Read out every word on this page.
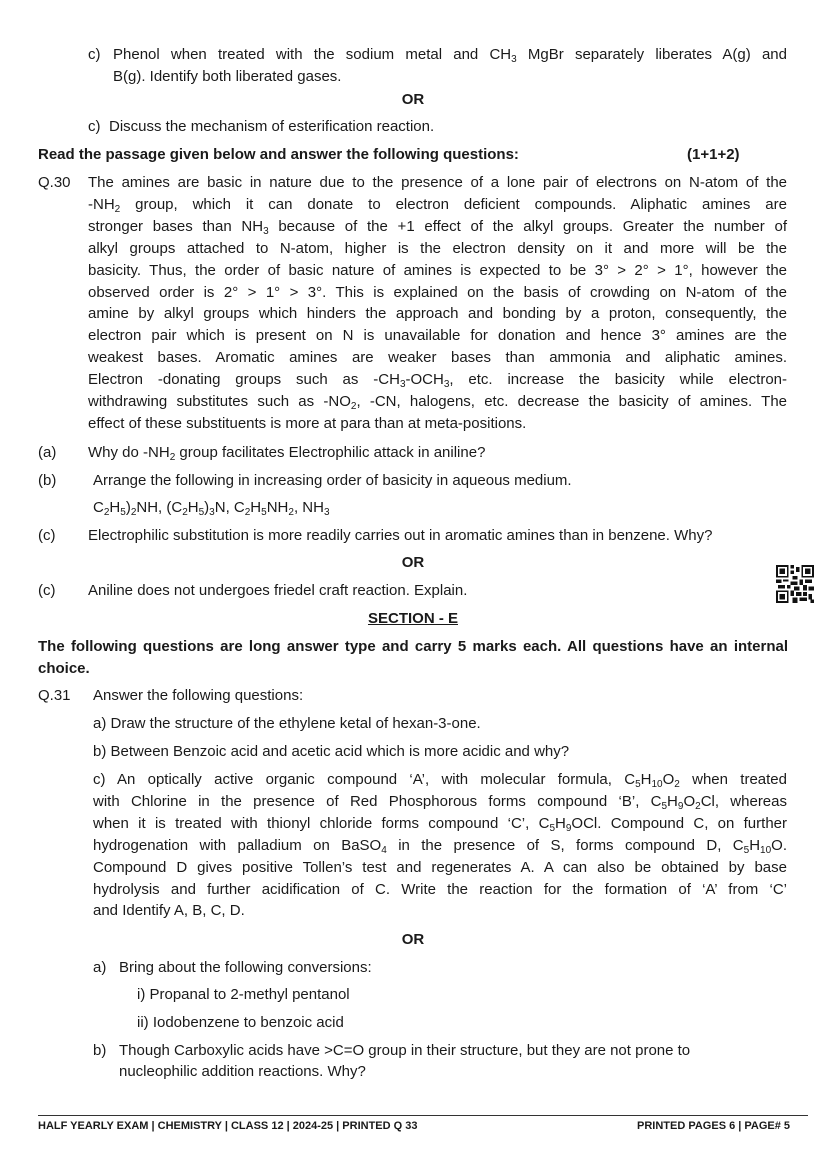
c) Phenol when treated with the sodium metal and $CH_3$ MgBr separately liberates A(g) and
B(g). Identify both liberated gases.
OR
c) Discuss the mechanism of esterification reaction.
Read the passage given below and answer the following questions:	(1+1+2)
Q.30 The amines are basic in nature due to the presence of a lone pair of electrons on N-atom of the
$-NH_2$ group, which it can donate to electron deficient compounds. Aliphatic amines are
stronger bases than $NH_3$ because of the +1 effect of the alkyl groups. Greater the number of
alkyl groups attached to N-atom, higher is the electron density on it and more will be the
basicity. Thus, the order of basic nature of amines is expected to be 3° > 2° > 1°, however the
observed order is 2° > 1° > 3°. This is explained on the basis of crowding on N-atom of the
amine by alkyl groups which hinders the approach and bonding by a proton, consequently, the
electron pair which is present on N is unavailable for donation and hence 3° amines are the
weakest bases. Aromatic amines are weaker bases than ammonia and aliphatic amines.
Electron -donating groups such as $-CH_3-OCH_3$, etc. increase the basicity while electron-
withdrawing substitutes such as $-NO_2$, -CN, halogens, etc. decrease the basicity of amines. The
effect of these substituents is more at para than at meta-positions.
(a) Why do $-NH_2$ group facilitates Electrophilic attack in aniline?
(b) Arrange the following in increasing order of basicity in aqueous medium.
$C_2H_5)_2NH$, $(C_2H_5)_3N$, $C_2H_5NH_2$, $NH_3$
(c) Electrophilic substitution is more readily carries out in aromatic amines than in benzene. Why?
OR
(c) Aniline does not undergoes friedel craft reaction. Explain.
SECTION - E
The following questions are long answer type and carry 5 marks each. All questions have an internal
choice.
Q.31 Answer the following questions:
a) Draw the structure of the ethylene ketal of hexan-3-one.
b) Between Benzoic acid and acetic acid which is more acidic and why?
c) An optically active organic compound ‘A’, with molecular formula, $C_5H_{10}O_2$ when treated
with Chlorine in the presence of Red Phosphorous forms compound ‘B’, $C_5H_9O_2Cl$, whereas
when it is treated with thionyl chloride forms compound ‘C’, $C_5H_9OCl$. Compound C, on further
hydrogenation with palladium on BaSO$_4$ in the presence of S, forms compound D, $C_5H_{10}O$.
Compound D gives positive Tollen’s test and regenerates A. A can also be obtained by base
hydrolysis and further acidification of C. Write the reaction for the formation of ‘A’ from ‘C’
and Identify A, B, C, D.
OR
a) Bring about the following conversions:
i) Propanal to 2-methyl pentanol
ii) Iodobenzene to benzoic acid
b) Though Carboxylic acids have >C=O group in their structure, but they are not prone to
nucleophilic addition reactions. Why?
HALF YEARLY EXAM | CHEMISTRY | CLASS 12 | 2024-25 | PRINTED Q 33	PRINTED PAGES 6 | PAGE# 5
